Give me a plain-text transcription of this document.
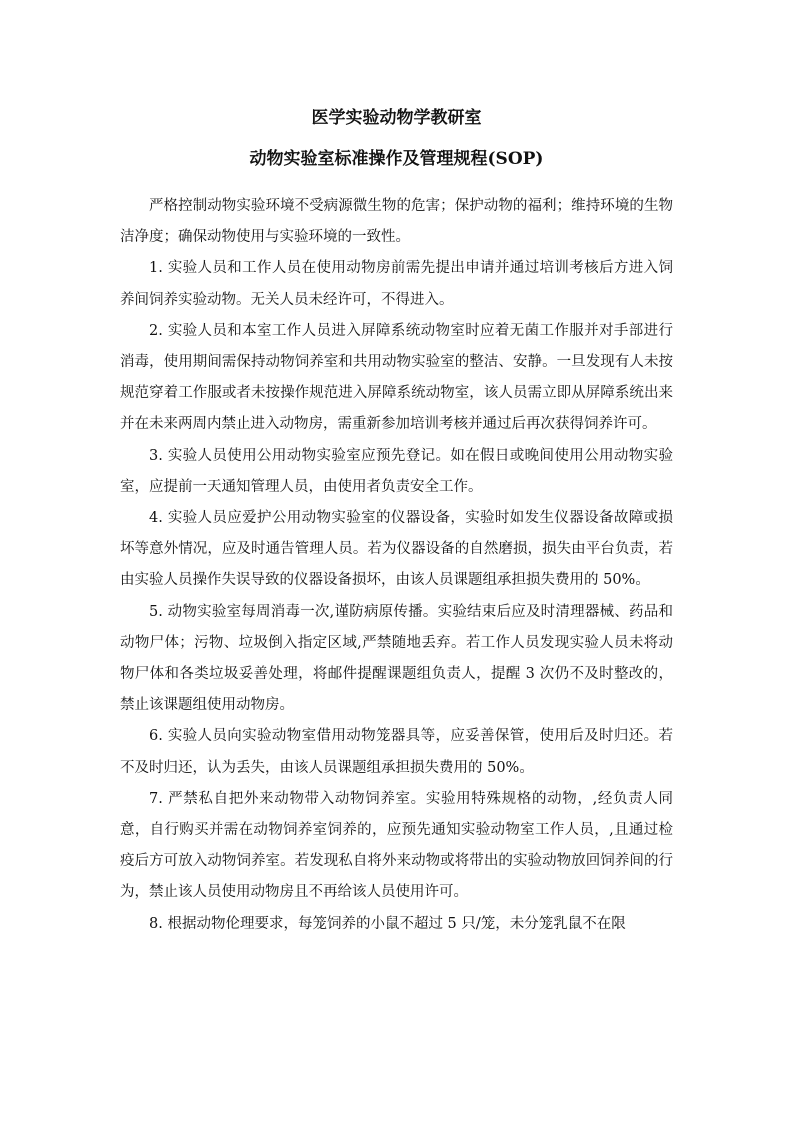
医学实验动物学教研室
动物实验室标准操作及管理规程(SOP)

严格控制动物实验环境不受病源微生物的危害；保护动物的福利；维持环境的生物洁净度；确保动物使用与实验环境的一致性。

1. 实验人员和工作人员在使用动物房前需先提出申请并通过培训考核后方进入饲养间饲养实验动物。无关人员未经许可，不得进入。

2. 实验人员和本室工作人员进入屏障系统动物室时应着无菌工作服并对手部进行消毒，使用期间需保持动物饲养室和共用动物实验室的整洁、安静。一旦发现有人未按规范穿着工作服或者未按操作规范进入屏障系统动物室，该人员需立即从屏障系统出来并在未来两周内禁止进入动物房，需重新参加培训考核并通过后再次获得饲养许可。

3. 实验人员使用公用动物实验室应预先登记。如在假日或晚间使用公用动物实验室，应提前一天通知管理人员，由使用者负责安全工作。

4. 实验人员应爱护公用动物实验室的仪器设备，实验时如发生仪器设备故障或损坏等意外情况，应及时通告管理人员。若为仪器设备的自然磨损，损失由平台负责，若由实验人员操作失误导致的仪器设备损坏，由该人员课题组承担损失费用的 50%。

5. 动物实验室每周消毒一次,谨防病原传播。实验结束后应及时清理器械、药品和动物尸体；污物、垃圾倒入指定区域,严禁随地丢弃。若工作人员发现实验人员未将动物尸体和各类垃圾妥善处理，将邮件提醒课题组负责人，提醒 3 次仍不及时整改的，禁止该课题组使用动物房。

6. 实验人员向实验动物室借用动物笼器具等，应妥善保管，使用后及时归还。若不及时归还，认为丢失，由该人员课题组承担损失费用的 50%。

7. 严禁私自把外来动物带入动物饲养室。实验用特殊规格的动物，,经负责人同意，自行购买并需在动物饲养室饲养的，应预先通知实验动物室工作人员，,且通过检疫后方可放入动物饲养室。若发现私自将外来动物或将带出的实验动物放回饲养间的行为，禁止该人员使用动物房且不再给该人员使用许可。

8. 根据动物伦理要求，每笼饲养的小鼠不超过 5 只/笼，未分笼乳鼠不在限
